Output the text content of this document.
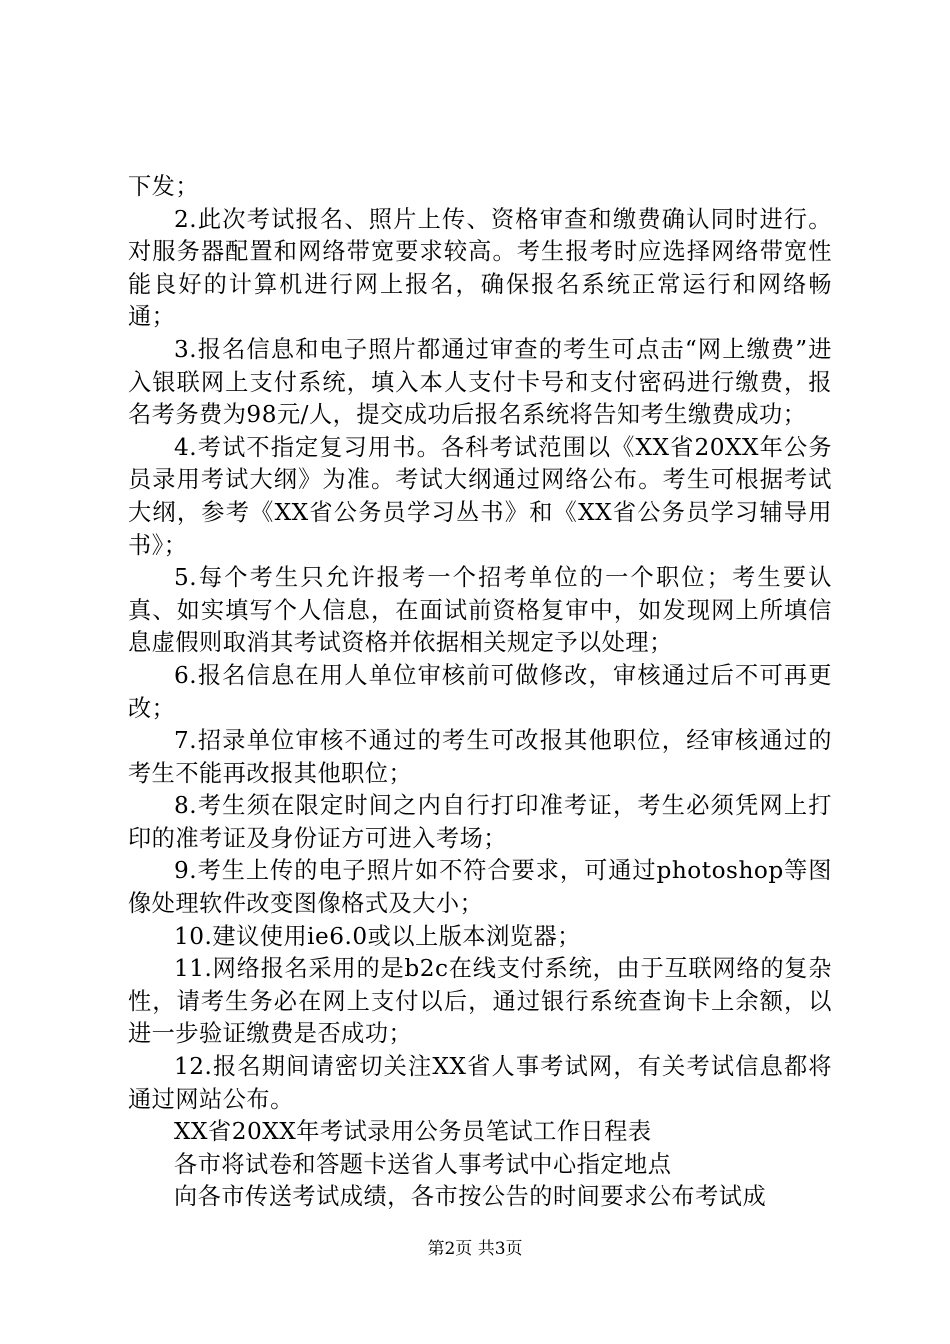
下发；

2.此次考试报名、照片上传、资格审查和缴费确认同时进行。对服务器配置和网络带宽要求较高。考生报考时应选择网络带宽性能良好的计算机进行网上报名，确保报名系统正常运行和网络畅通；

3.报名信息和电子照片都通过审查的考生可点击“网上缴费”进入银联网上支付系统，填入本人支付卡号和支付密码进行缴费，报名考务费为98元/人，提交成功后报名系统将告知考生缴费成功；

4.考试不指定复习用书。各科考试范围以《XX省20XX年公务员录用考试大纲》为准。考试大纲通过网络公布。考生可根据考试大纲，参考《XX省公务员学习丛书》和《XX省公务员学习辅导用书》；

5.每个考生只允许报考一个招考单位的一个职位；考生要认真、如实填写个人信息，在面试前资格复审中，如发现网上所填信息虚假则取消其考试资格并依据相关规定予以处理；

6.报名信息在用人单位审核前可做修改，审核通过后不可再更改；

7.招录单位审核不通过的考生可改报其他职位，经审核通过的考生不能再改报其他职位；

8.考生须在限定时间之内自行打印准考证，考生必须凭网上打印的准考证及身份证方可进入考场；

9.考生上传的电子照片如不符合要求，可通过photoshop等图像处理软件改变图像格式及大小；

10.建议使用ie6.0或以上版本浏览器；

11.网络报名采用的是b2c在线支付系统，由于互联网络的复杂性，请考生务必在网上支付以后，通过银行系统查询卡上余额，以进一步验证缴费是否成功；

12.报名期间请密切关注XX省人事考试网，有关考试信息都将通过网站公布。

XX省20XX年考试录用公务员笔试工作日程表

各市将试卷和答题卡送省人事考试中心指定地点

向各市传送考试成绩，各市按公告的时间要求公布考试成

第2页 共3页
